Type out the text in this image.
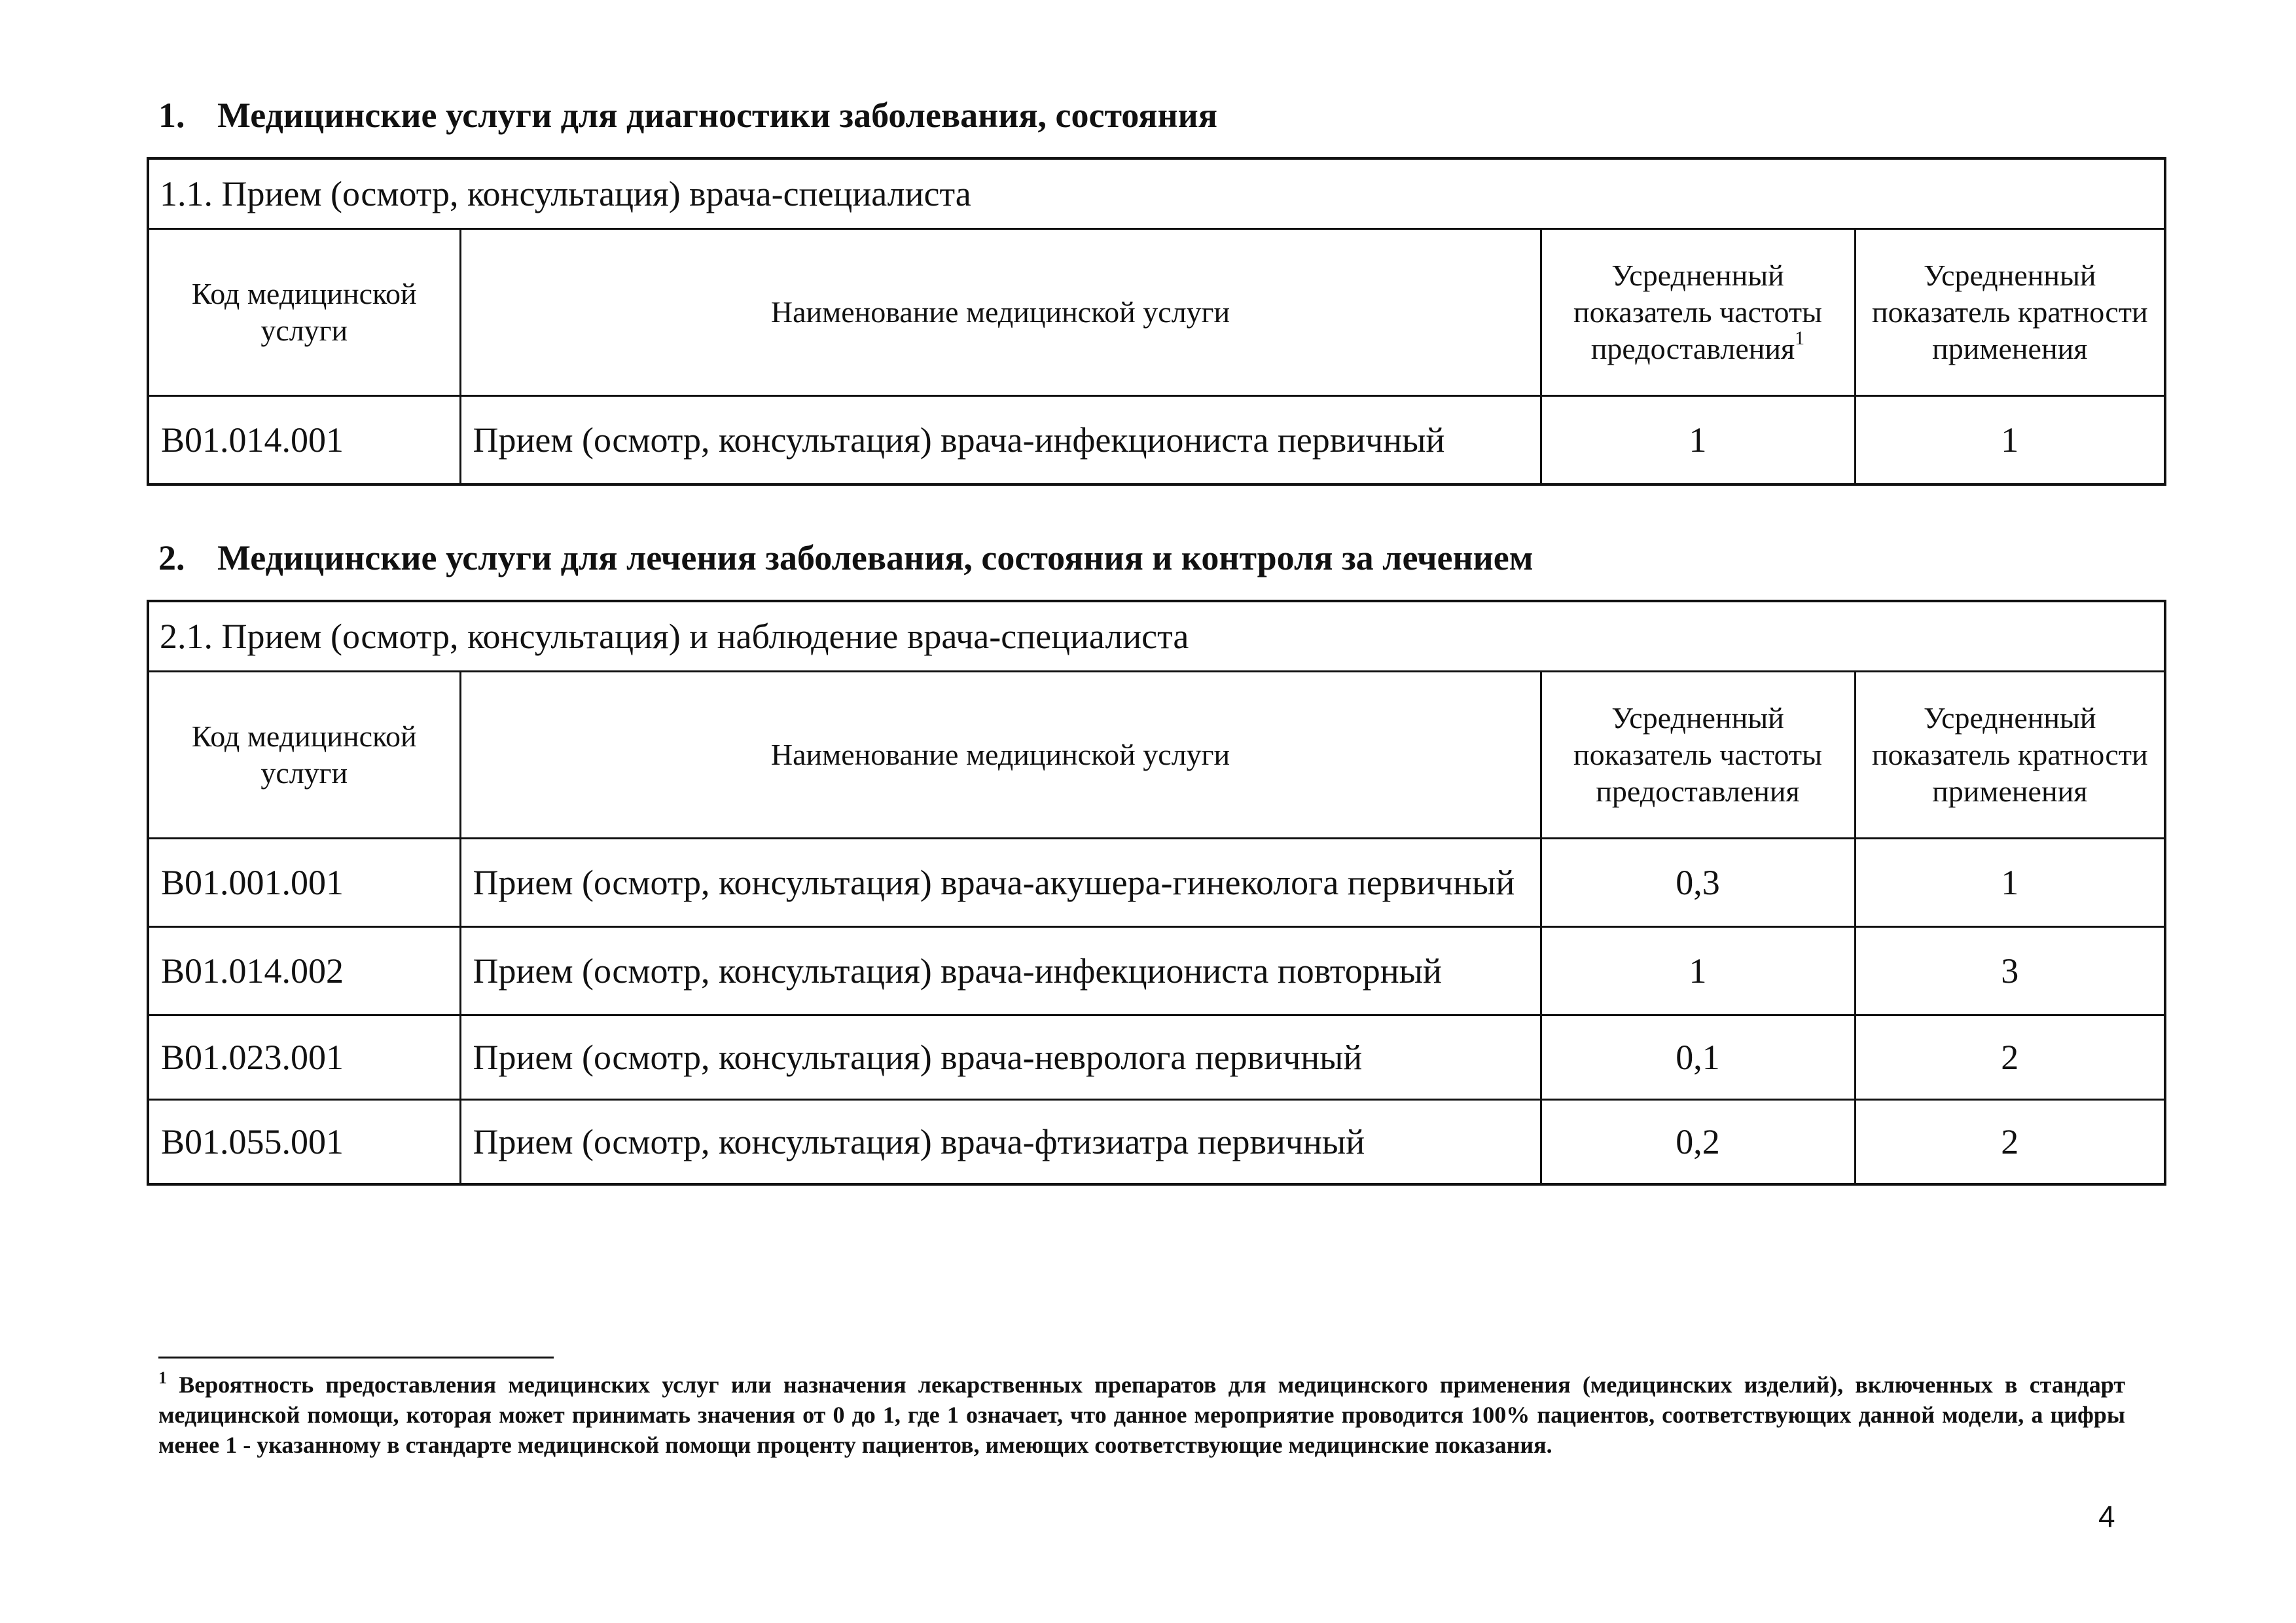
1. Медицинские услуги для диагностики заболевания, состояния
1.1. Прием (осмотр, консультация) врача-специалиста			
Код медицинской услуги	Наименование медицинской услуги	Усредненный показатель частоты предоставления$^1$	Усредненный показатель кратности применения
B01.014.001	Прием (осмотр, консультация) врача-инфекциониста первичный	1	1
2. Медицинские услуги для лечения заболевания, состояния и контроля за лечением
2.1. Прием (осмотр, консультация) и наблюдение врача-специалиста			
Код медицинской услуги	Наименование медицинской услуги	Усредненный показатель частоты предоставления	Усредненный показатель кратности применения
B01.001.001	Прием (осмотр, консультация) врача-акушера-гинеколога первичный	0,3	1
B01.014.002	Прием (осмотр, консультация) врача-инфекциониста повторный	1	3
B01.023.001	Прием (осмотр, консультация) врача-невролога первичный	0,1	2
B01.055.001	Прием (осмотр, консультация) врача-фтизиатра первичный	0,2	2

$^1$ Вероятность предоставления медицинских услуг или назначения лекарственных препаратов для медицинского применения (медицинских изделий), включенных в стандарт медицинской помощи, которая может принимать значения от 0 до 1, где 1 означает, что данное мероприятие проводится 100% пациентов, соответствующих данной модели, а цифры менее 1 - указанному в стандарте медицинской помощи проценту пациентов, имеющих соответствующие медицинские показания.

4
